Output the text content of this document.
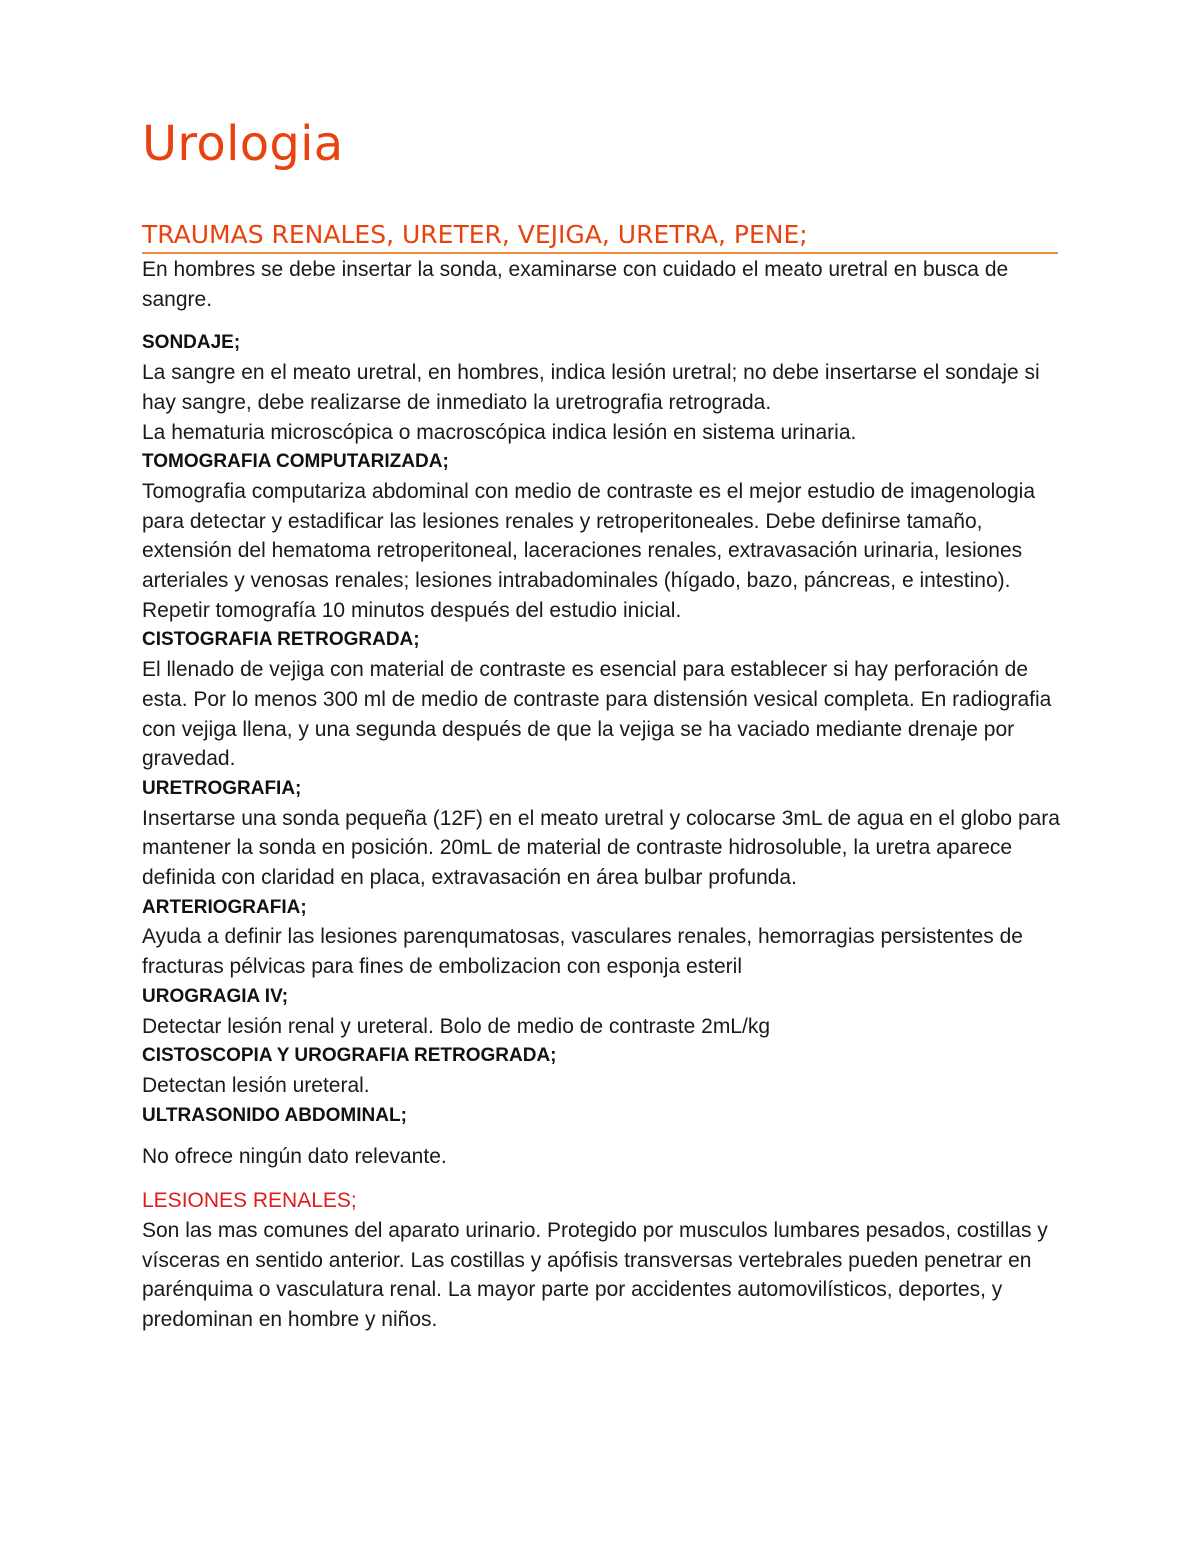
Urologia
TRAUMAS RENALES, URETER, VEJIGA, URETRA, PENE;

En hombres se debe insertar la sonda, examinarse con cuidado el meato uretral en busca de sangre.

SONDAJE;

La sangre en el meato uretral, en hombres, indica lesión uretral; no debe insertarse el sondaje si hay sangre, debe realizarse de inmediato la uretrografia retrograda.

La hematuria microscópica o macroscópica indica lesión en sistema urinaria.

TOMOGRAFIA COMPUTARIZADA;

Tomografia computariza abdominal con medio de contraste es el mejor estudio de imagenologia para detectar y estadificar las lesiones renales y retroperitoneales. Debe definirse tamaño, extensión del hematoma retroperitoneal, laceraciones renales, extravasación urinaria, lesiones arteriales y venosas renales; lesiones intrabadominales (hígado, bazo, páncreas, e intestino). Repetir tomografía 10 minutos después del estudio inicial.

CISTOGRAFIA RETROGRADA;

El llenado de vejiga con material de contraste es esencial para establecer si hay perforación de esta. Por lo menos 300 ml de medio de contraste para distensión vesical completa. En radiografia con vejiga llena, y una segunda después de que la vejiga se ha vaciado mediante drenaje por gravedad.

URETROGRAFIA;

Insertarse una sonda pequeña (12F) en el meato uretral y colocarse 3mL de agua en el globo para mantener la sonda en posición. 20mL de material de contraste hidrosoluble, la uretra aparece definida con claridad en placa, extravasación en área bulbar profunda.

ARTERIOGRAFIA;

Ayuda a definir las lesiones parenqumatosas, vasculares renales, hemorragias persistentes de fracturas pélvicas para fines de embolizacion con esponja esteril

UROGRAGIA IV;

Detectar lesión renal y ureteral. Bolo de medio de contraste 2mL/kg

CISTOSCOPIA Y UROGRAFIA RETROGRADA;

Detectan lesión ureteral.

ULTRASONIDO ABDOMINAL;

No ofrece ningún dato relevante.

LESIONES RENALES;

Son las mas comunes del aparato urinario. Protegido por musculos lumbares pesados, costillas y vísceras en sentido anterior. Las costillas y apófisis transversas vertebrales pueden penetrar en parénquima o vasculatura renal. La mayor parte por accidentes automovilísticos, deportes, y predominan en hombre y niños.
